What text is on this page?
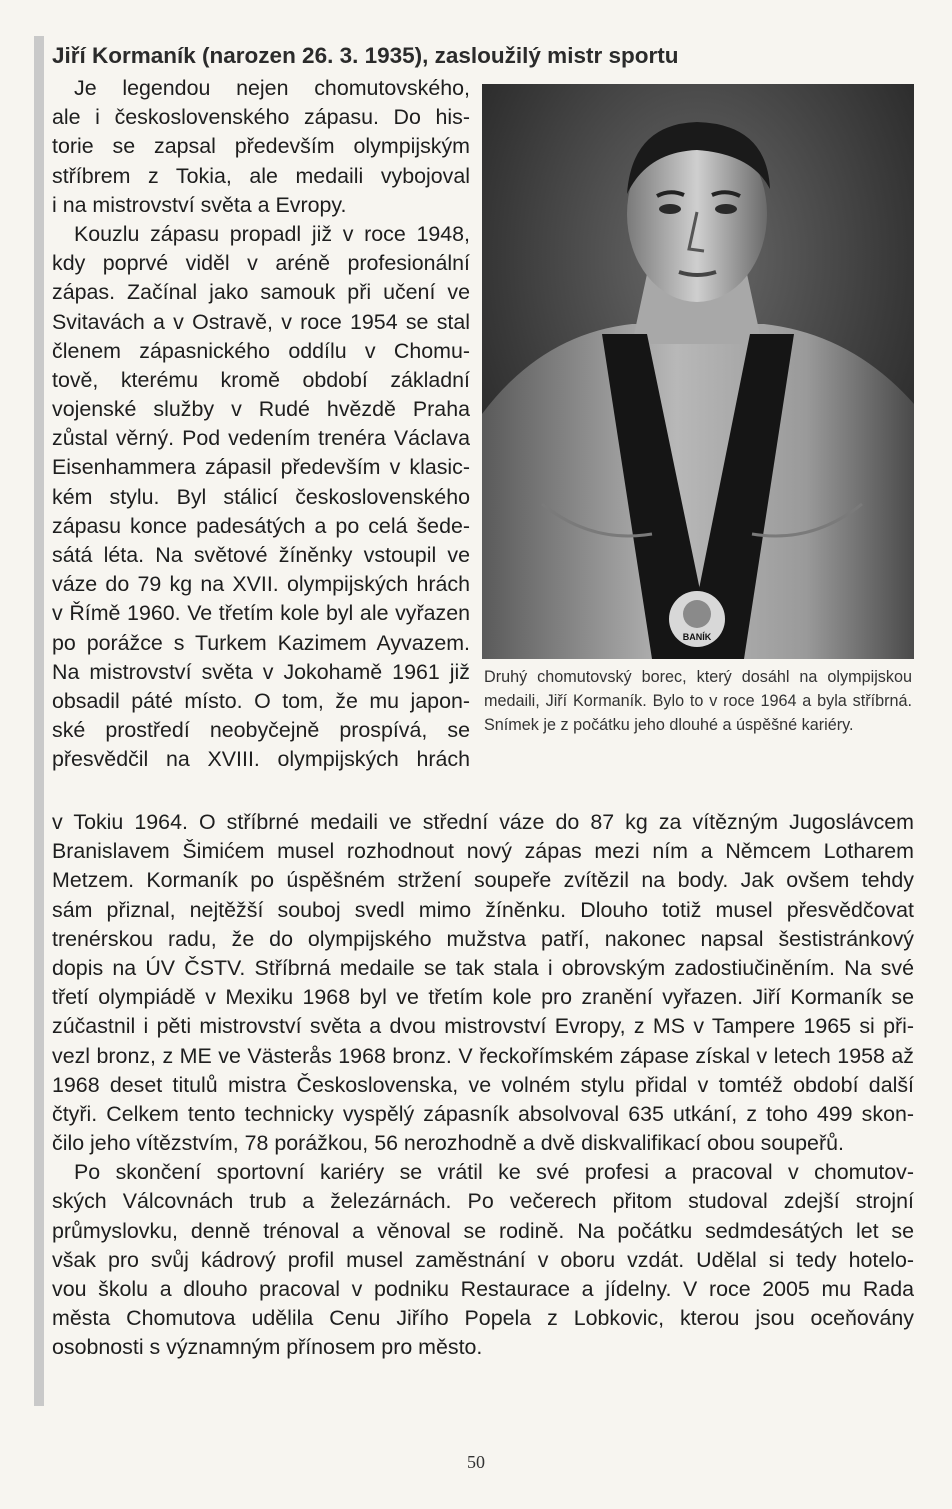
Jiří Kormaník (narozen 26. 3. 1935), zasloužilý mistr sportu
Je legendou nejen chomutovského,
ale i československého zápasu. Do his-
torie se zapsal především olympijským
stříbrem z Tokia, ale medaili vybojoval
i na mistrovství světa a Evropy.
Kouzlu zápasu propadl již v roce 1948,
kdy poprvé viděl v aréně profesionální
zápas. Začínal jako samouk při učení ve
Svitavách a v Ostravě, v roce 1954 se stal
členem zápasnického oddílu v Chomu-
tově, kterému kromě období základní
vojenské služby v Rudé hvězdě Praha
zůstal věrný. Pod vedením trenéra Václava
Eisenhammera zápasil především v klasic-
kém stylu. Byl stálicí československého
zápasu konce padesátých a po celá šede-
sátá léta. Na světové žíněnky vstoupil ve
váze do 79 kg na XVII. olympijských hrách
v Římě 1960. Ve třetím kole byl ale vyřazen
po porážce s Turkem Kazimem Ayvazem.
Na mistrovství světa v Jokohamě 1961 již
obsadil páté místo. O tom, že mu japon-
ské prostředí neobyčejně prospívá, se
přesvědčil na XVIII. olympijských hrách
BANÍK

Druhý chomutovský borec, který dosáhl na olympijskou medaili, Jiří Kormaník. Bylo to v roce 1964 a byla stříbrná. Snímek je z počátku jeho dlouhé a úspěšné kariéry.

v Tokiu 1964. O stříbrné medaili ve střední váze do 87 kg za vítězným Jugoslávcem
Branislavem Šimićem musel rozhodnout nový zápas mezi ním a Němcem Lotharem
Metzem. Kormaník po úspěšném stržení soupeře zvítězil na body. Jak ovšem tehdy
sám přiznal, nejtěžší souboj svedl mimo žíněnku. Dlouho totiž musel přesvědčovat
trenérskou radu, že do olympijského mužstva patří, nakonec napsal šestistránkový
dopis na ÚV ČSTV. Stříbrná medaile se tak stala i obrovským zadostiučiněním. Na své
třetí olympiádě v Mexiku 1968 byl ve třetím kole pro zranění vyřazen. Jiří Kormaník se
zúčastnil i pěti mistrovství světa a dvou mistrovství Evropy, z MS v Tampere 1965 si při-
vezl bronz, z ME ve Västerås 1968 bronz. V řeckořímském zápase získal v letech 1958 až
1968 deset titulů mistra Československa, ve volném stylu přidal v tomtéž období další
čtyři. Celkem tento technicky vyspělý zápasník absolvoval 635 utkání, z toho 499 skon-
čilo jeho vítězstvím, 78 porážkou, 56 nerozhodně a dvě diskvalifikací obou soupeřů.
Po skončení sportovní kariéry se vrátil ke své profesi a pracoval v chomutov-
ských Válcovnách trub a železárnách. Po večerech přitom studoval zdejší strojní
průmyslovku, denně trénoval a věnoval se rodině. Na počátku sedmdesátých let se
však pro svůj kádrový profil musel zaměstnání v oboru vzdát. Udělal si tedy hotelo-
vou školu a dlouho pracoval v podniku Restaurace a jídelny. V roce 2005 mu Rada
města Chomutova udělila Cenu Jiřího Popela z Lobkovic, kterou jsou oceňovány
osobnosti s významným přínosem pro město.
50
